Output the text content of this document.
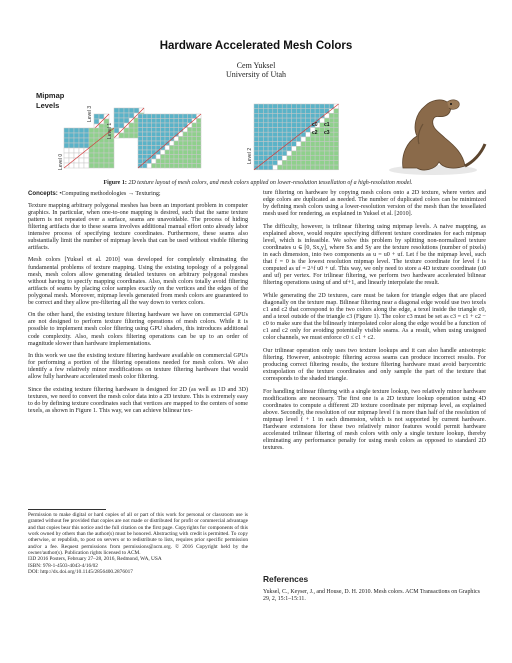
Hardware Accelerated Mesh Colors
Cem Yuksel
University of Utah
Mipmap
Levels
Level 3
Level 2
Level 1
Level 0
c0 c1
c2 c3
Figure 1: 2D texture layout of mesh colors, and mesh colors applied on lower-resolution tessellation of a high-resolution model.
Concepts: •Computing methodologies → Texturing;

Texture mapping arbitrary polygonal meshes has been an important problem in computer graphics. In particular, when one-to-one mapping is desired, such that the same texture pattern is not repeated over a surface, seams are unavoidable. The process of hiding filtering artifacts due to these seams involves additional manual effort onto already labor intensive process of specifying texture coordinates. Furthermore, these seams also substantially limit the number of mipmap levels that can be used without visible filtering artifacts.

Mesh colors [Yuksel et al. 2010] was developed for completely eliminating the fundamental problems of texture mapping. Using the existing topology of a polygonal mesh, mesh colors allow generating detailed textures on arbitrary polygonal meshes without having to specify mapping coordinates. Also, mesh colors totally avoid filtering artifacts of seams by placing color samples exactly on the vertices and the edges of the polygonal mesh. Moreover, mipmap levels generated from mesh colors are guaranteed to be correct and they allow pre-filtering all the way down to vertex colors.

On the other hand, the existing texture filtering hardware we have on commercial GPUs are not designed to perform texture filtering operations of mesh colors. While it is possible to implement mesh color filtering using GPU shaders, this introduces additional code complexity. Also, mesh colors filtering operations can be up to an order of magnitude slower than hardware implementations.

In this work we use the existing texture filtering hardware available on commercial GPUs for performing a portion of the filtering operations needed for mesh colors. We also identify a few relatively minor modifications on texture filtering hardware that would allow fully hardware accelerated mesh color filtering.

Since the existing texture filtering hardware is designed for 2D (as well as 1D and 3D) textures, we need to convert the mesh color data into a 2D texture. This is extremely easy to do by defining texture coordinates such that vertices are mapped to the centers of some texels, as shown in Figure 1. This way, we can achieve bilinear tex-

Permission to make digital or hard copies of all or part of this work for personal or classroom use is granted without fee provided that copies are not made or distributed for profit or commercial advantage and that copies bear this notice and the full citation on the first page. Copyrights for components of this work owned by others than the author(s) must be honored. Abstracting with credit is permitted. To copy otherwise, or republish, to post on servers or to redistribute to lists, requires prior specific permission and/or a fee. Request permissions from permissions@acm.org. © 2016 Copyright held by the owner/author(s). Publication rights licensed to ACM.
I3D 2016 Posters, February 27–28, 2016, Redmond, WA, USA
ISBN: 978-1-4503-4043-4/16/02
DOI: http://dx.doi.org/10.1145/2856400.2876017

ture filtering on hardware by copying mesh colors onto a 2D texture, where vertex and edge colors are duplicated as needed. The number of duplicated colors can be minimized by defining mesh colors using a lower-resolution version of the mesh than the tessellated mesh used for rendering, as explained in Yuksel et al. [2010].

The difficulty, however, is trilinear filtering using mipmap levels. A naive mapping, as explained above, would require specifying different texture coordinates for each mipmap level, which is infeasible. We solve this problem by splitting non-normalized texture coordinates u ∈ [0, Sx,y], where Sx and Sy are the texture resolutions (number of pixels) in each dimension, into two components as u = u0 + uf. Let f be the mipmap level, such that f = 0 is the lowest resolution mipmap level. The texture coordinate for level f is computed as uf = 2^f u0 + uf. This way, we only need to store a 4D texture coordinate (u0 and uf) per vertex. For trilinear filtering, we perform two hardware accelerated bilinear filtering operations using uf and uf+1, and linearly interpolate the result.

While generating the 2D textures, care must be taken for triangle edges that are placed diagonally on the texture map. Bilinear filtering near a diagonal edge would use two texels c1 and c2 that correspond to the two colors along the edge, a texel inside the triangle c0, and a texel outside of the triangle c3 (Figure 1). The color c3 must be set as c3 = c1 + c2 − c0 to make sure that the bilinearly interpolated color along the edge would be a function of c1 and c2 only for avoiding potentially visible seams. As a result, when using unsigned color channels, we must enforce c0 ≤ c1 + c2.

Our trilinear operation only uses two texture lookups and it can also handle anisotropic filtering. However, anisotropic filtering across seams can produce incorrect results. For producing correct filtering results, the texture filtering hardware must avoid barycentric extrapolation of the texture coordinates and only sample the part of the texture that corresponds to the shaded triangle.

For handling trilinear filtering with a single texture lookup, two relatively minor hardware modifications are necessary. The first one is a 2D texture lookup operation using 4D coordinates to compute a different 2D texture coordinate per mipmap level, as explained above. Secondly, the resolution of our mipmap level f is more than half of the resolution of mipmap level f + 1 in each dimension, which is not supported by current hardware. Hardware extensions for these two relatively minor features would permit hardware accelerated trilinear filtering of mesh colors with only a single texture lookup, thereby eliminating any performance penalty for using mesh colors as opposed to standard 2D textures.

References
Yuksel, C., Keyser, J., and House, D. H. 2010. Mesh colors. ACM Transactions on Graphics 29, 2, 15:1–15:11.
